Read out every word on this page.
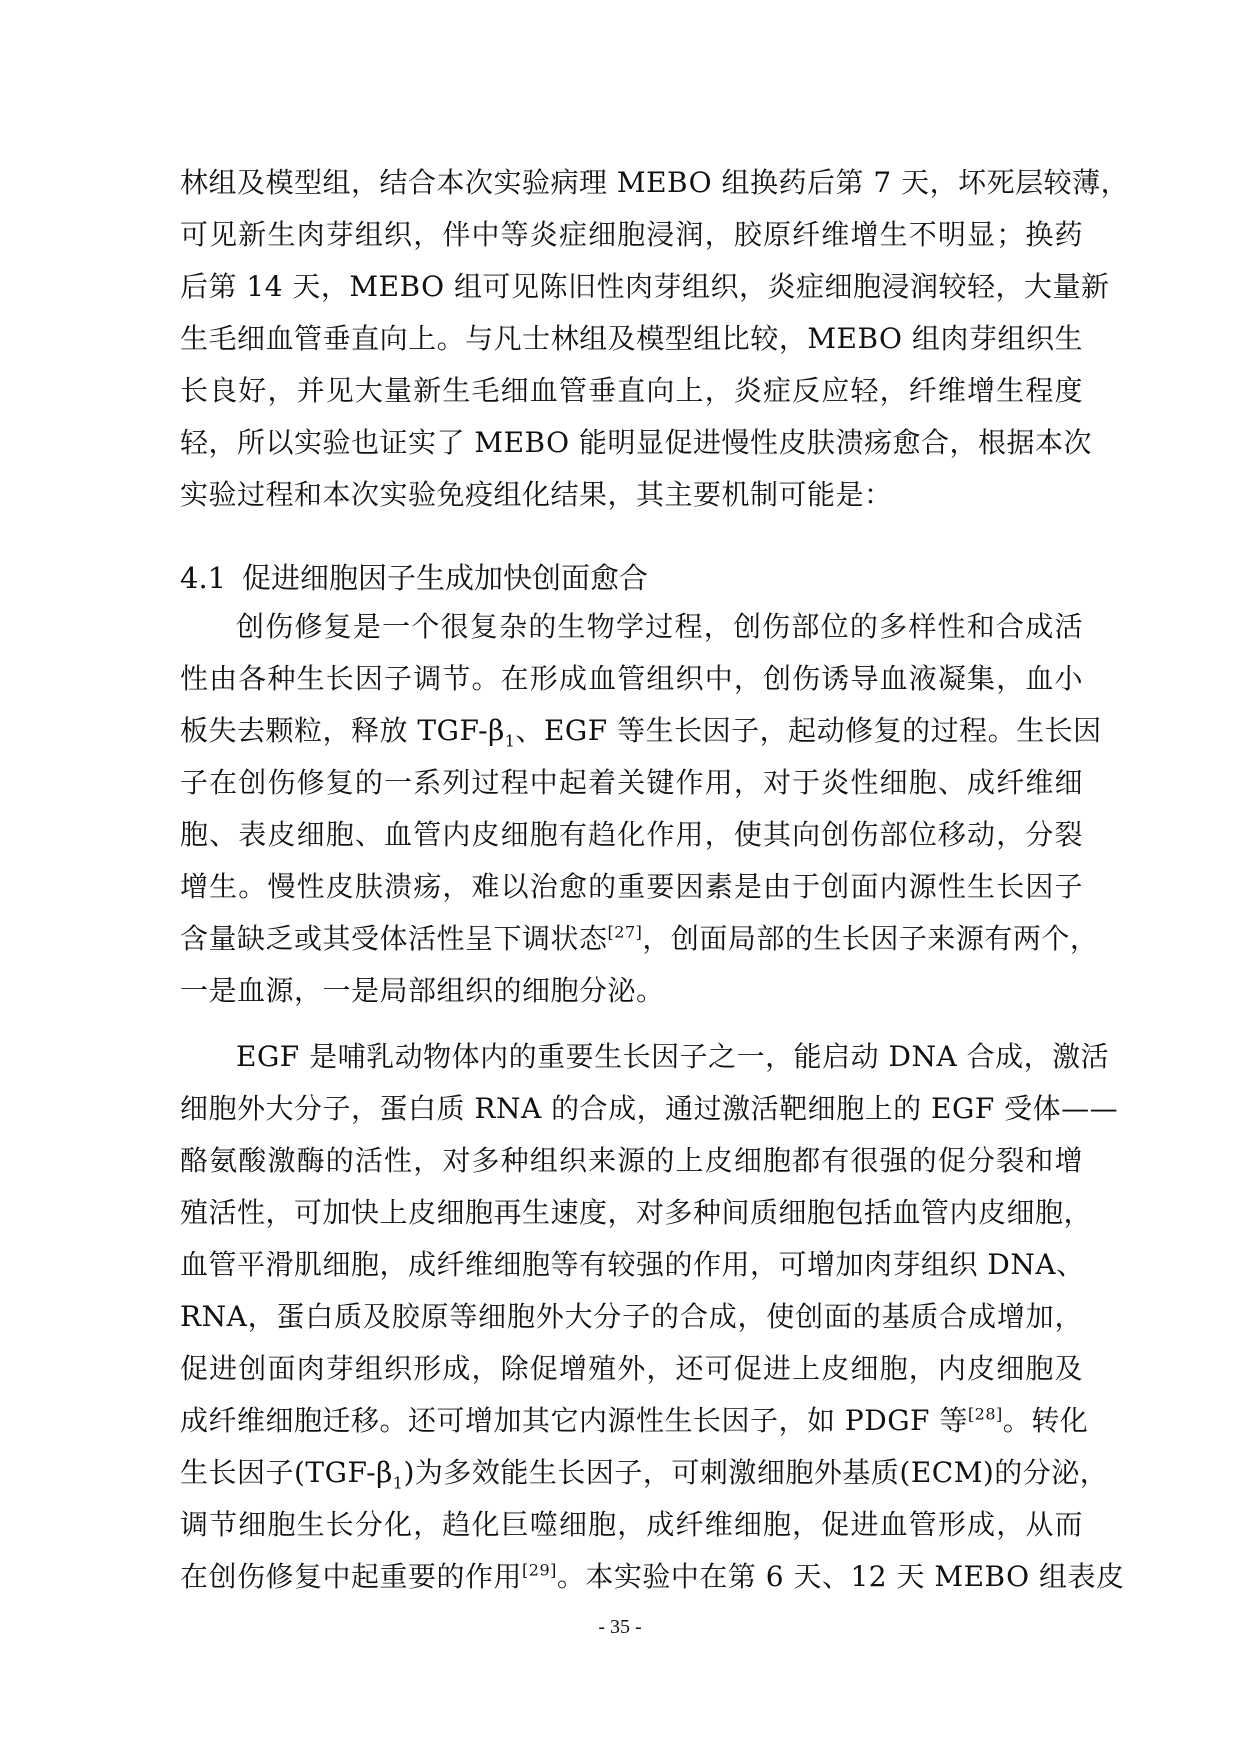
林组及模型组，结合本次实验病理 MEBO 组换药后第 7 天，坏死层较薄，
可见新生肉芽组织，伴中等炎症细胞浸润，胶原纤维增生不明显；换药
后第 14 天，MEBO 组可见陈旧性肉芽组织，炎症细胞浸润较轻，大量新
生毛细血管垂直向上。与凡士林组及模型组比较，MEBO 组肉芽组织生
长良好，并见大量新生毛细血管垂直向上，炎症反应轻，纤维增生程度
轻，所以实验也证实了 MEBO 能明显促进慢性皮肤溃疡愈合，根据本次
实验过程和本次实验免疫组化结果，其主要机制可能是：
4.1 促进细胞因子生成加快创面愈合
创伤修复是一个很复杂的生物学过程，创伤部位的多样性和合成活
性由各种生长因子调节。在形成血管组织中，创伤诱导血液凝集，血小
板失去颗粒，释放 TGF-$\beta_1$、EGF 等生长因子，起动修复的过程。生长因
子在创伤修复的一系列过程中起着关键作用，对于炎性细胞、成纤维细
胞、表皮细胞、血管内皮细胞有趋化作用，使其向创伤部位移动，分裂
增生。慢性皮肤溃疡，难以治愈的重要因素是由于创面内源性生长因子
含量缺乏或其受体活性呈下调状态[27]，创面局部的生长因子来源有两个，
一是血源，一是局部组织的细胞分泌。
EGF 是哺乳动物体内的重要生长因子之一，能启动 DNA 合成，激活
细胞外大分子，蛋白质 RNA 的合成，通过激活靶细胞上的 EGF 受体——
酪氨酸激酶的活性，对多种组织来源的上皮细胞都有很强的促分裂和增
殖活性，可加快上皮细胞再生速度，对多种间质细胞包括血管内皮细胞，
血管平滑肌细胞，成纤维细胞等有较强的作用，可增加肉芽组织 DNA、
RNA，蛋白质及胶原等细胞外大分子的合成，使创面的基质合成增加，
促进创面肉芽组织形成，除促增殖外，还可促进上皮细胞，内皮细胞及
成纤维细胞迁移。还可增加其它内源性生长因子，如 PDGF 等[28]。转化
生长因子$(TGF-\beta_1)$为多效能生长因子，可刺激细胞外基质(ECM)的分泌，
调节细胞生长分化，趋化巨噬细胞，成纤维细胞，促进血管形成，从而
在创伤修复中起重要的作用[29]。本实验中在第 6 天、12 天 MEBO 组表皮
- 35 -
